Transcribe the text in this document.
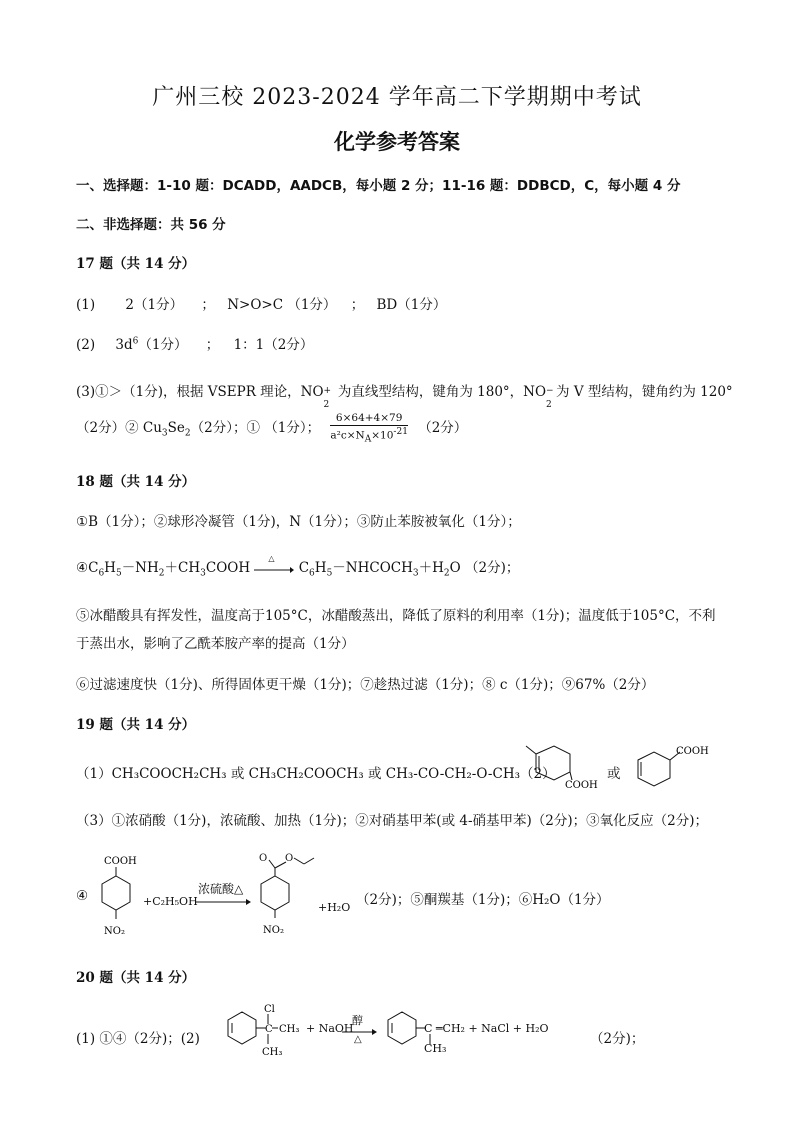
广州三校 2023-2024 学年高二下学期期中考试
化学参考答案
一、选择题：1-10 题：DCADD，AADCB，每小题 2 分；11-16 题：DDBCD，C，每小题 4 分
二、非选择题：共 56 分
17 题（共 14 分）
(1) 2（1分） ； N>O>C （1分） ； BD（1分）
(2) $3d^6(1$分） ； 1：1（2分）
(3)①＞（1分)，根据 VSEPR 理论，NO +
2
为直线型结构，键角为 180°，NO −
2
为 V 型结构，键角约为 120°
（2分）② $Cu_3Se_2(2$分）；① （1分）； $\frac{6\times 64+4\times 79}{a^2c\times N_A\times 10^{-21}} (2$分）
18 题（共 14 分）
①B（1分）；②球形冷凝管（1分)，N（1分）；③防止苯胺被氧化（1分）；
$④C_6H_5-NH_2+CH_3COOH$
△
$C_6H_5-NHCOCH_3+H_2O$ （2分)；
⑤冰醋酸具有挥发性，温度高于105°C，冰醋酸蒸出，降低了原料的利用率（1分)；温度低于105°C，不利
于蒸出水，影响了乙酰苯胺产率的提高（1分）
⑥过滤速度快（1分)、所得固体更干燥（1分)；⑦趁热过滤（1分)；⑧ c（1分)；⑨67%（2分）
19 题（共 14 分）
（1）CH₃COOCH₂CH₃ 或 CH₃CH₂COOCH₃ 或 CH₃-CO-CH₂-O-CH₃（2）
COOH
或
COOH
（3）①浓硝酸（1分)，浓硫酸、加热（1分)；②对硝基甲苯(或 4-硝基甲苯)（2分)；③氧化反应（2分)；
④
COOH
NO₂
+C₂H₅OH
浓硫酸△
O O
NO₂
+H₂O （2分)；⑤酮羰基（1分)；⑥H₂O（1分）
20 题（共 14 分）
(1) ①④（2分)；(2)
Cl
C CH₃
CH₃
+ NaOH
醇
△
C ═CH₂ + NaCl + H₂O
CH₃
（2分)；
